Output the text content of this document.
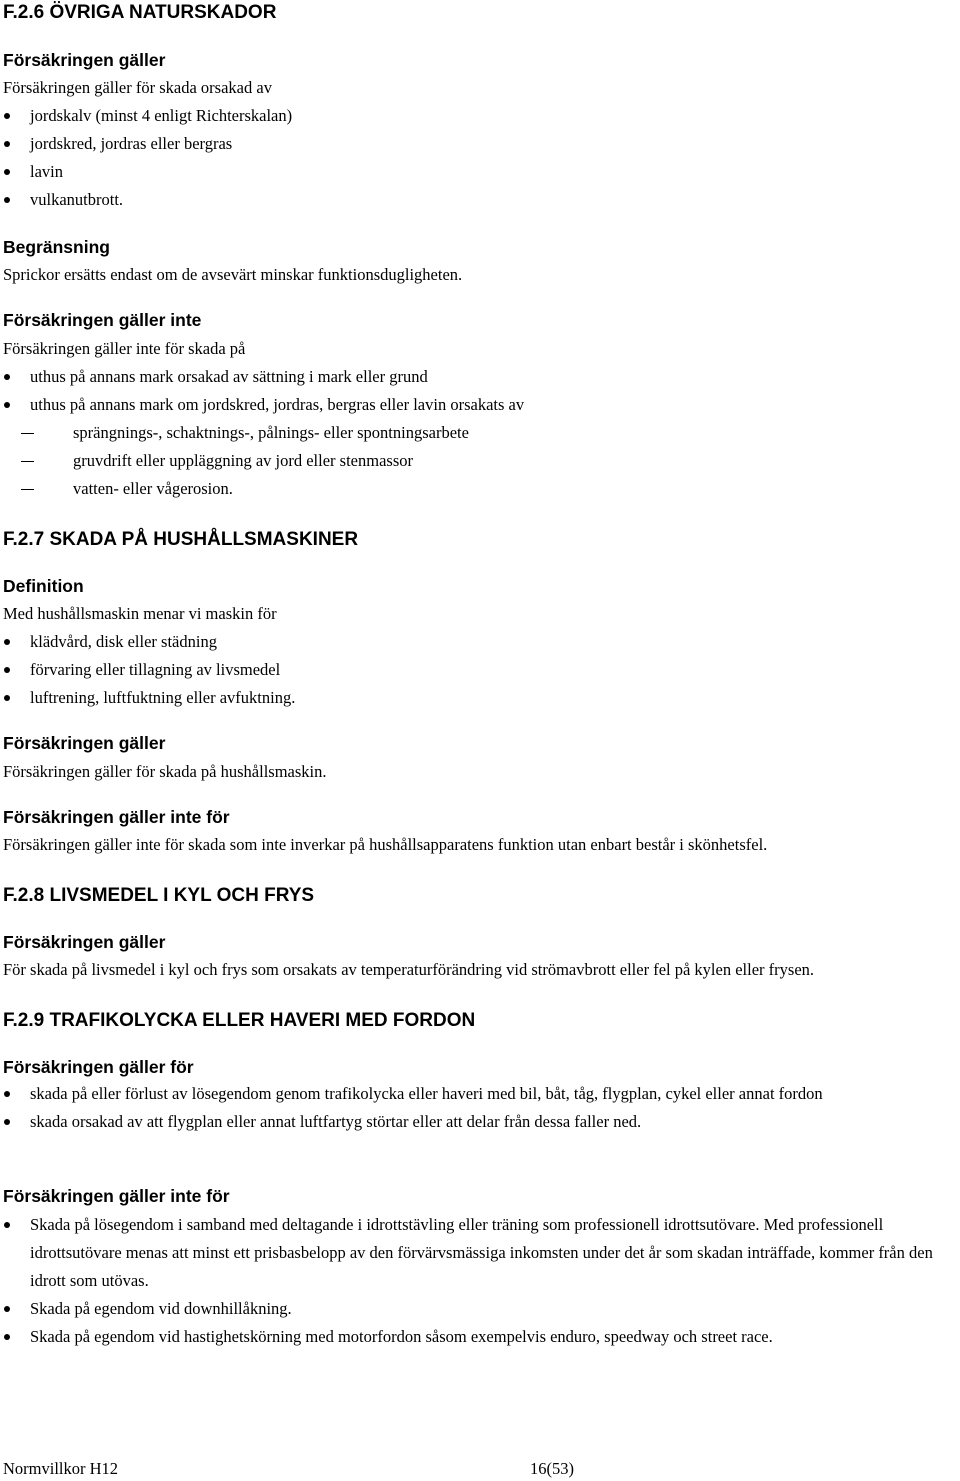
F.2.6 ÖVRIGA NATURSKADOR
Försäkringen gäller

Försäkringen gäller för skada orsakad av

jordskalv (minst 4 enligt Richterskalan)
jordskred, jordras eller bergras
lavin
vulkanutbrott.
Begränsning

Sprickor ersätts endast om de avsevärt minskar funktionsdugligheten.

Försäkringen gäller inte

Försäkringen gäller inte för skada på

uthus på annans mark orsakad av sättning i mark eller grund
uthus på annans mark om jordskred, jordras, bergras eller lavin orsakats av
sprängnings-, schaktnings-, pålnings- eller spontningsarbete
gruvdrift eller uppläggning av jord eller stenmassor
vatten- eller vågerosion.
F.2.7 SKADA PÅ HUSHÅLLSMASKINER
Definition

Med hushållsmaskin menar vi maskin för

klädvård, disk eller städning
förvaring eller tillagning av livsmedel
luftrening, luftfuktning eller avfuktning.
Försäkringen gäller

Försäkringen gäller för skada på hushållsmaskin.

Försäkringen gäller inte för

Försäkringen gäller inte för skada som inte inverkar på hushållsapparatens funktion utan enbart består i skönhetsfel.

F.2.8 LIVSMEDEL I KYL OCH FRYS
Försäkringen gäller

För skada på livsmedel i kyl och frys som orsakats av temperaturförändring vid strömavbrott eller fel på kylen eller frysen.

F.2.9 TRAFIKOLYCKA ELLER HAVERI MED FORDON
Försäkringen gäller för
skada på eller förlust av lösegendom genom trafikolycka eller haveri med bil, båt, tåg, flygplan, cykel eller annat fordon
skada orsakad av att flygplan eller annat luftfartyg störtar eller att delar från dessa faller ned.
Försäkringen gäller inte för
Skada på lösegendom i samband med deltagande i idrottstävling eller träning som professionell idrottsutövare. Med professionell idrottsutövare menas att minst ett prisbasbelopp av den förvärvsmässiga inkomsten under det år som skadan inträffade, kommer från den idrott som utövas.
Skada på egendom vid downhillåkning.
Skada på egendom vid hastighetskörning med motorfordon såsom exempelvis enduro, speedway och street race.
Normvillkor H12	16(53)
